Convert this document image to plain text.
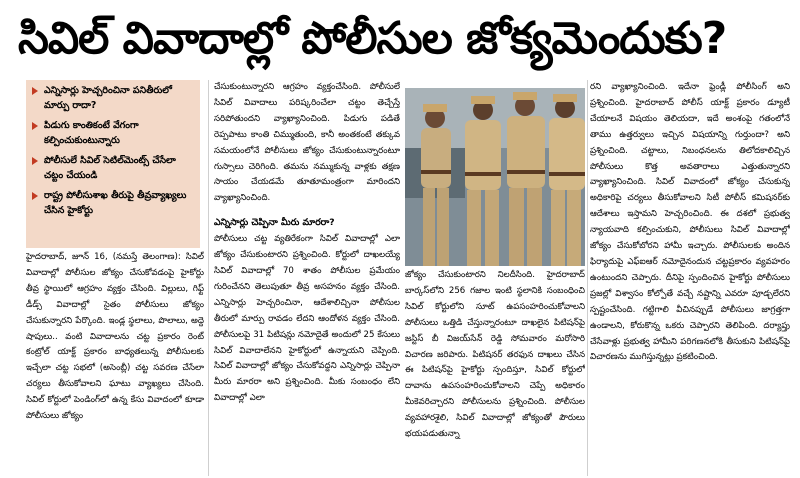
సివిల్ వివాదాల్లో పోలీసుల జోక్యమెందుకు?
ఎన్నిసార్లు హెచ్చరించినా పనితీరులో మార్పు రాదా?
పిడుగు కాంతికంటే వేగంగా కల్పించుకుంటున్నారు
పోలీసులే సివిల్ సెటిల్‌మెంట్స్ చేసేలా చట్టం చేయండి
రాష్ట్ర పోలీసుశాఖ తీరుపై తీవ్రవ్యాఖ్యలు చేసిన హైకోర్టు

హైదరాబాద్, జూన్ 16, (నమస్తే తెలంగాణ): సివిల్ వివాదాల్లో పోలీసుల జోక్యం చేసుకోవడంపై హైకోర్టు తీవ్ర స్థాయిలో ఆగ్రహం వ్యక్తం చేసింది. విల్లులు, గిఫ్ట్ డీడ్స్ వివాదాల్లో సైతం పోలీసులు జోక్యం చేసుకున్నారని పేర్కొంది. ఇండ్ల స్థలాలు, పొలాలు, అద్దె షాపులు.. వంటి వివాదాలను చట్ట ప్రకారం రెంట్ కంట్రోల్ యాక్ట్ ప్రకారం బాధ్యతలున్న పోలీసులకు ఇచ్చేలా చట్ట సభలో (అసెంబ్లీ) చట్ట సవరణ చేసేలా చర్యలు తీసుకోవాలని ఘాటు వ్యాఖ్యలు చేసింది. సివిల్ కోర్టులో పెండింగ్‌లో ఉన్న కేసు వివాదంలో కూడా పోలీసులు జోక్యం

చేసుకుంటున్నారని ఆగ్రహం వ్యక్తంచేసింది. పోలీసులే సివిల్ వివాదాలు పరిష్కరించేలా చట్టం తెచ్చేస్తే సరిపోతుందని వ్యాఖ్యానించింది. పిడుగు పడితే రెప్పపాటు కాంతి చిమ్ముతుంది, కానీ అంతకంటే తక్కువ సమయంలోనే పోలీసులు జోక్యం చేసుకుంటున్నారంటూ గుస్సాలు చెరిగింది. తమను నమ్ముకున్న వాళ్లకు తక్షణ సాయం చేయడమే తూతూమంత్రంగా మారిందని వ్యాఖ్యానించింది.

ఎన్నిసార్లు చెప్పినా మీరు మారరా?

పోలీసులు చట్ట వ్యతిరేకంగా సివిల్ వివాదాల్లో ఎలా జోక్యం చేసుకుంటారని ప్రశ్నించింది. కోర్టులో దాఖలయ్యే సివిల్ వివాదాల్లో 70 శాతం పోలీసుల ప్రమేయం గురించేనని తెలుపుతూ తీవ్ర అసహనం వ్యక్తం చేసింది. ఎన్నిసార్లు హెచ్చరించినా, ఆదేశాలిచ్చినా పోలీసుల తీరులో మార్పు రావడం లేదని ఆందోళన వ్యక్తం చేసింది. పోలీసులపై 31 పిటిషన్లు నమోదైతే అందులో 25 కేసులు సివిల్ వివాదాలేనని హైకోర్టులో ఉన్నాయని చెప్పింది. సివిల్ వివాదాల్లో జోక్యం చేసుకోవద్దని ఎన్నిసార్లు చెప్పినా మీరు మారరా అని ప్రశ్నించింది. మీకు సంబంధం లేని వివాదాల్లో ఎలా

జోక్యం చేసుకుంటారని నిలదీసింది. హైదరాబాద్ బార్కస్‌లోని 256 గజాల ఇంటి స్థలానికి సంబంధించి సివిల్ కోర్టులోని సూట్ ఉపసంహరించుకోవాలని పోలీసులు ఒత్తిడి చేస్తున్నారంటూ దాఖలైన పిటిషన్‌పై జస్టిస్ బీ విజయ్‌సేన్ రెడ్డి సోమవారం మరోసారి విచారణ జరిపారు. పిటిషనర్ తరఫున దాఖలు చేసిన ఈ పిటిషన్‌పై హైకోర్టు స్పందిస్తూ, సివిల్ కోర్టులో దావాను ఉపసంహరించుకోవాలని చెప్పే అధికారం మీకెవరిచ్చారని పోలీసులను ప్రశ్నించింది. పోలీసుల వ్యవహారశైలి, సివిల్ వివాదాల్లో జోక్యంతో పౌరులు భయపడుతున్నా

రని వ్యాఖ్యానించింది. ఇదేనా ఫ్రెండ్లీ పోలీసింగ్ అని ప్రశ్నించింది. హైదరాబాద్ పోలీస్ యాక్ట్ ప్రకారం డ్యూటీ చేయాలనే విషయం తెలియదా, ఇదే అంశంపై గతంలోనే తాము ఉత్తర్వులు ఇచ్చిన విషయాన్ని గుర్తుందా? అని ప్రశ్నించింది. చట్టాలు, నిబంధనలను తిలోదకాలిచ్చిన పోలీసులు కొత్త అవతారాలు ఎత్తుతున్నారని వ్యాఖ్యానించింది. సివిల్ వివాదంలో జోక్యం చేసుకున్న అధికారిపై చర్యలు తీసుకోవాలని సిటీ పోలీస్ కమిషనర్‌కు ఆదేశాలు ఇస్తామని హెచ్చరించింది. ఈ దశలో ప్రభుత్వ న్యాయవాది కల్పించుకుని, పోలీసులు సివిల్ వివాదాల్లో జోక్యం చేసుకోబోరని హామీ ఇచ్చారు. పోలీసులకు అందిన ఫిర్యాదుపై ఎఫ్ఐఆర్ నమోదైనందున చట్టప్రకారం వ్యవహరం ఉంటుందని చెప్పారు. దీనిపై స్పందించిన హైకోర్టు పోలీసులు ప్రజల్లో విశ్వాసం కోల్పోతే వచ్చే నష్టాన్ని ఎవరూ పూడ్చలేరని స్పష్టంచేసింది. గట్టిగాలి వీచినప్పుడే పోలీసులు జాగ్రత్తగా ఉండాలని, కోరుకొన్న ఒకరు చెప్పారని తెలిపింది. దర్యాప్తు చేసేవాళ్లు ప్రభుత్వ హామీని పరిగణనలోకి తీసుకుని పిటిషన్‌పై విచారణను ముగిస్తున్నట్లు ప్రకటించింది.
